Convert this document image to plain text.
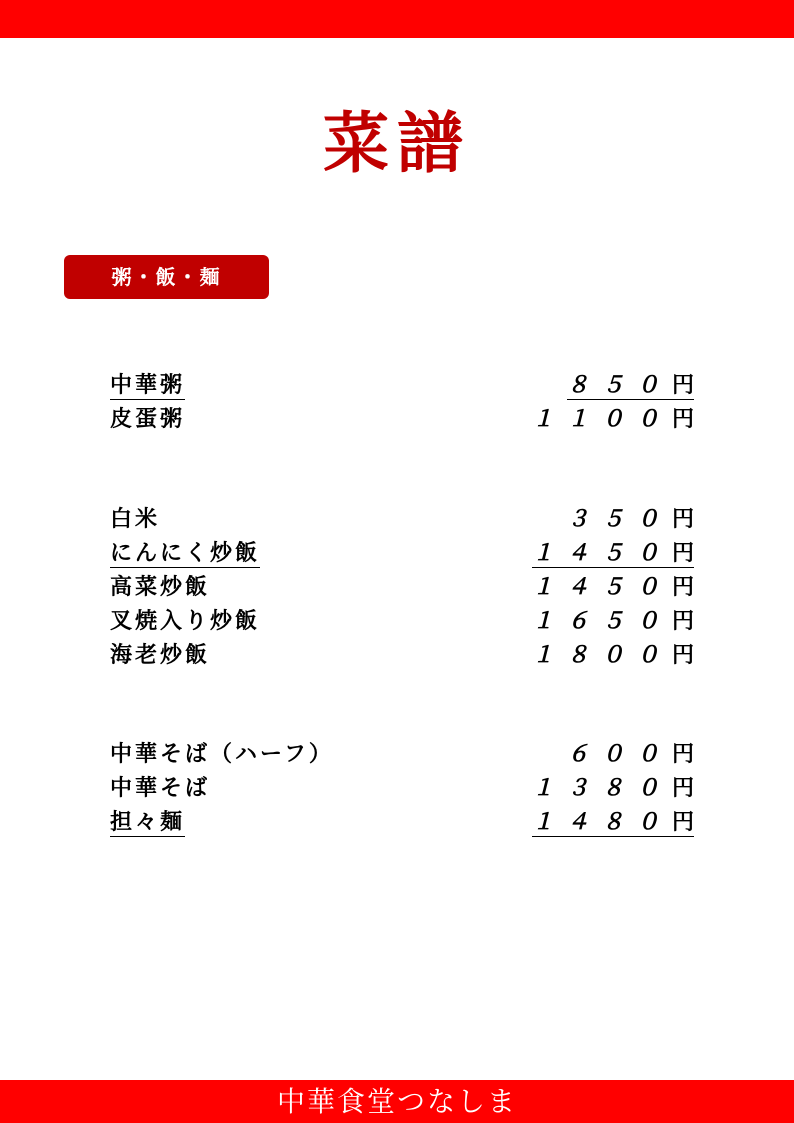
菜譜
粥・飯・麺
中華粥	８５０円
皮蛋粥	１１００円
白米	３５０円
にんにく炒飯	１４５０円
高菜炒飯	１４５０円
叉焼入り炒飯	１６５０円
海老炒飯	１８００円
中華そば（ハーフ）	６００円
中華そば	１３８０円
担々麺	１４８０円
中華食堂つなしま
